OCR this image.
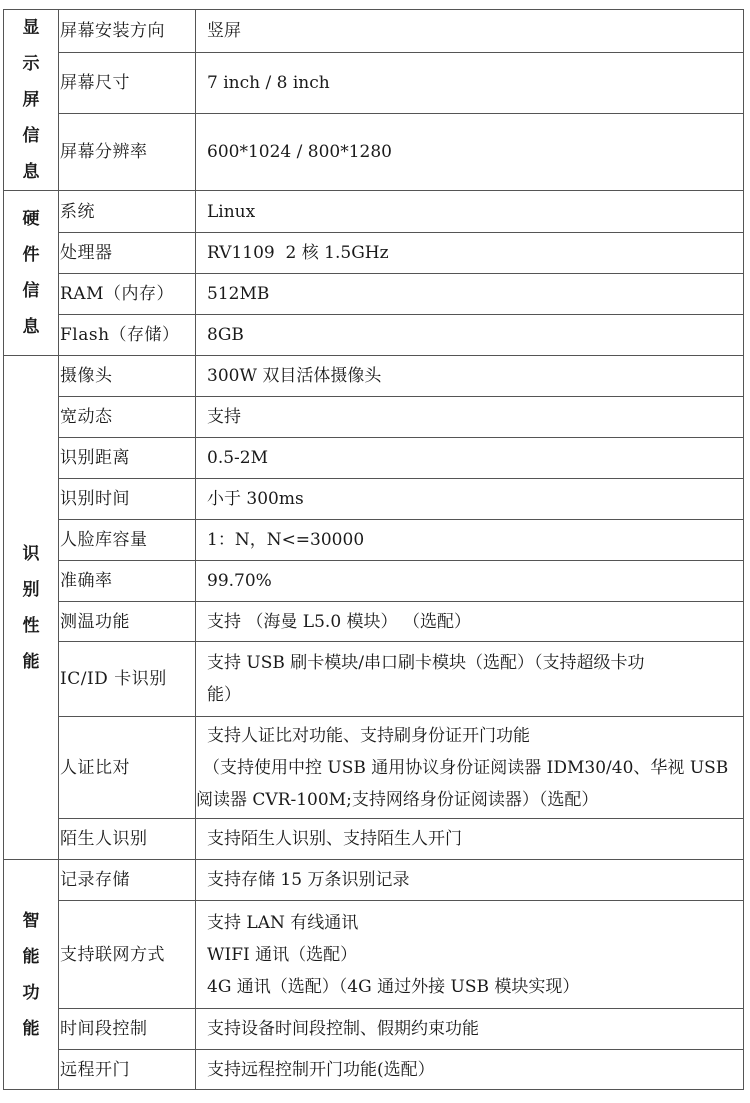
显示屏信息	屏幕安装方向	竖屏

	屏幕尺寸	7 inch / 8 inch

	屏幕分辨率	600*1024 / 800*1280

硬件信息	系统	Linux

	处理器	RV1109  2 核 1.5GHz

	RAM（内存）	512MB

	Flash（存储）	8GB

识别性能	摄像头	300W 双目活体摄像头

	宽动态	支持

	识别距离	0.5-2M

	识别时间	小于 300ms

	人脸库容量	1：N，N<=30000

	准确率	99.70%

	测温功能	支持 （海曼 L5.0 模块） （选配）

	IC/ID 卡识别	支持 USB 刷卡模块/串口刷卡模块（选配）（支持超级卡功
能）

	人证比对	支持人证比对功能、支持刷身份证开门功能
（支持使用中控 USB 通用协议身份证阅读器 IDM30/40、华视 USB
阅读器 CVR-100M;支持网络身份证阅读器）（选配）

	陌生人识别	支持陌生人识别、支持陌生人开门

智能功能	记录存储	支持存储 15 万条识别记录

	支持联网方式	支持 LAN 有线通讯
WIFI 通讯（选配）
4G 通讯（选配）（4G 通过外接 USB 模块实现）

	时间段控制	支持设备时间段控制、假期约束功能

	远程开门	支持远程控制开门功能(选配）
